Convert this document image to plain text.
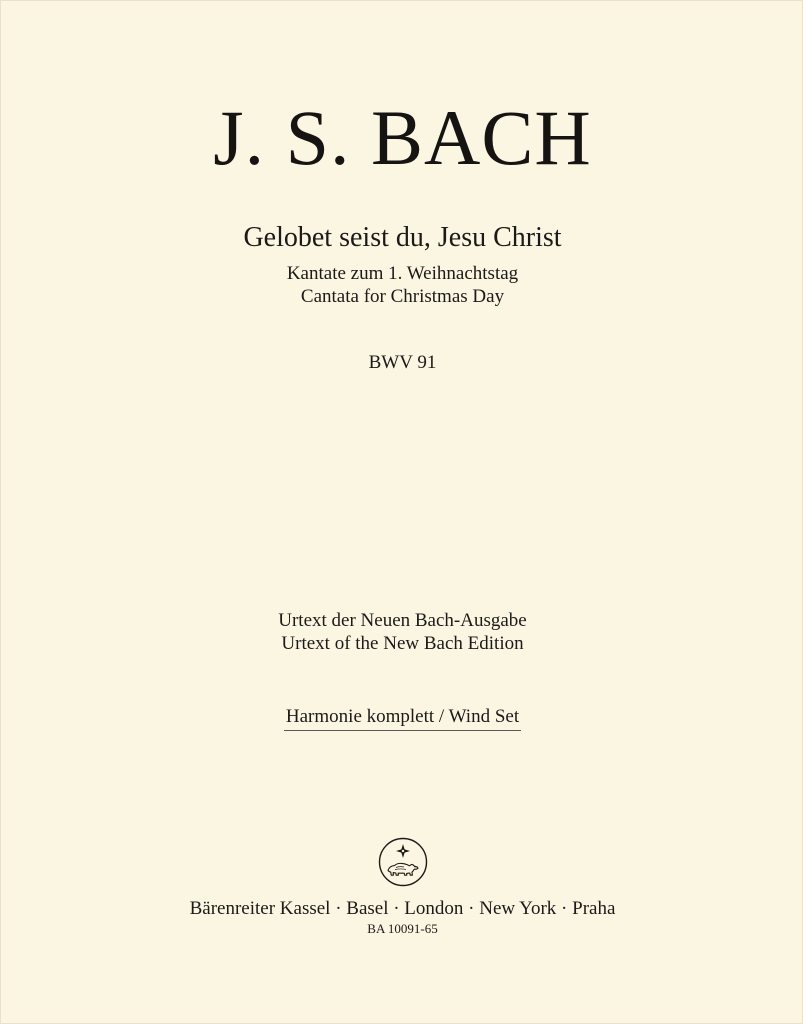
J. S. BACH
Gelobet seist du, Jesu Christ
Kantate zum 1. Weihnachtstag
Cantata for Christmas Day
BWV 91
Urtext der Neuen Bach-Ausgabe
Urtext of the New Bach Edition
Harmonie komplett / Wind Set
Bärenreiter Kassel · Basel · London · New York · Praha
BA 10091-65
